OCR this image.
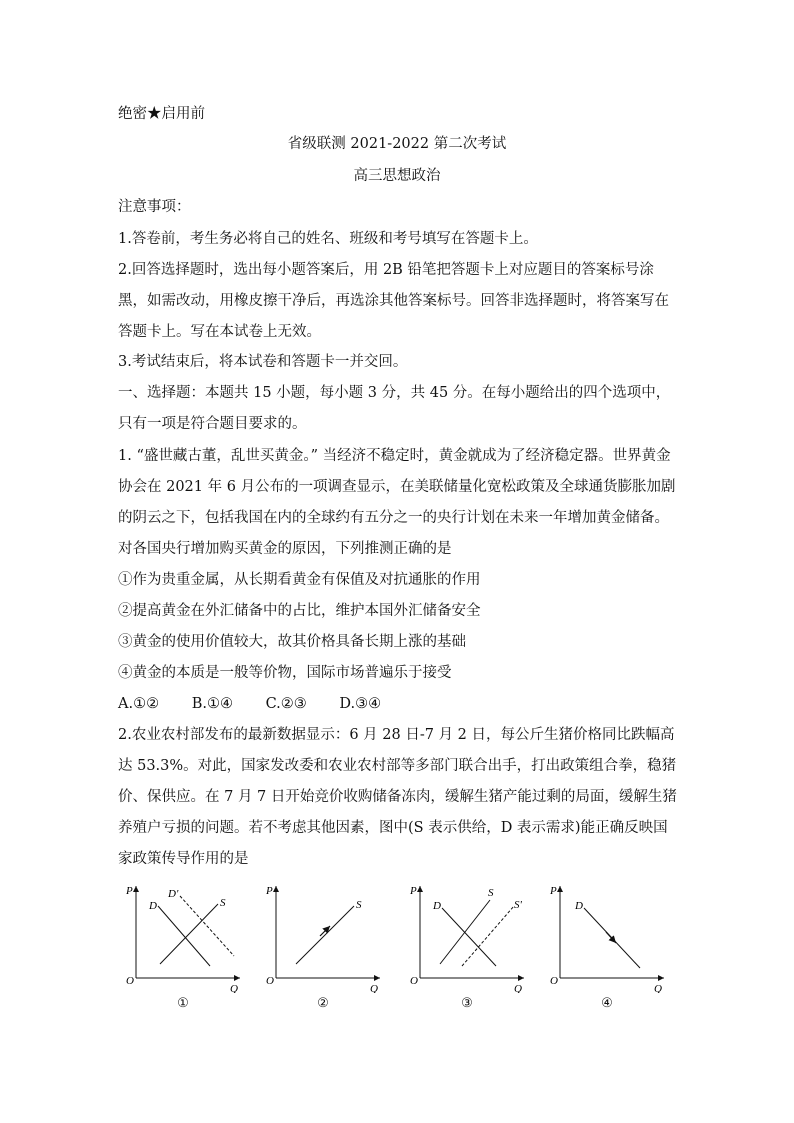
绝密★启用前
省级联测 2021-2022 第二次考试
高三思想政治
注意事项：
1.答卷前，考生务必将自己的姓名、班级和考号填写在答题卡上。
2.回答选择题时，选出每小题答案后，用 2B 铅笔把答题卡上对应题目的答案标号涂黑，如需改动，用橡皮擦干净后，再选涂其他答案标号。回答非选择题时，将答案写在答题卡上。写在本试卷上无效。
3.考试结束后，将本试卷和答题卡一并交回。
一、选择题：本题共 15 小题，每小题 3 分，共 45 分。在每小题给出的四个选项中，只有一项是符合题目要求的。
1. “盛世藏古董，乱世买黄金。” 当经济不稳定时，黄金就成为了经济稳定器。世界黄金协会在 2021 年 6 月公布的一项调查显示，在美联储量化宽松政策及全球通货膨胀加剧的阴云之下，包括我国在内的全球约有五分之一的央行计划在未来一年增加黄金储备。对各国央行增加购买黄金的原因，下列推测正确的是
①作为贵重金属，从长期看黄金有保值及对抗通胀的作用
②提高黄金在外汇储备中的占比，维护本国外汇储备安全
③黄金的使用价值较大，故其价格具备长期上涨的基础
④黄金的本质是一般等价物，国际市场普遍乐于接受
A.①② B.①④ C.②③ D.③④
2.农业农村部发布的最新数据显示：6 月 28 日-7 月 2 日，每公斤生猪价格同比跌幅高达 53.3%。对此，国家发改委和农业农村部等多部门联合出手，打出政策组合拳，稳猪价、保供应。在 7 月 7 日开始竞价收购储备冻肉，缓解生猪产能过剩的局面，缓解生猪养殖户亏损的问题。若不考虑其他因素，图中(S 表示供给，D 表示需求)能正确反映国家政策传导作用的是
P
O
Q
D
D'
S
①
P
O
Q
S
②
P
O
Q
D
S
S'
③
P
O
Q
D
④
